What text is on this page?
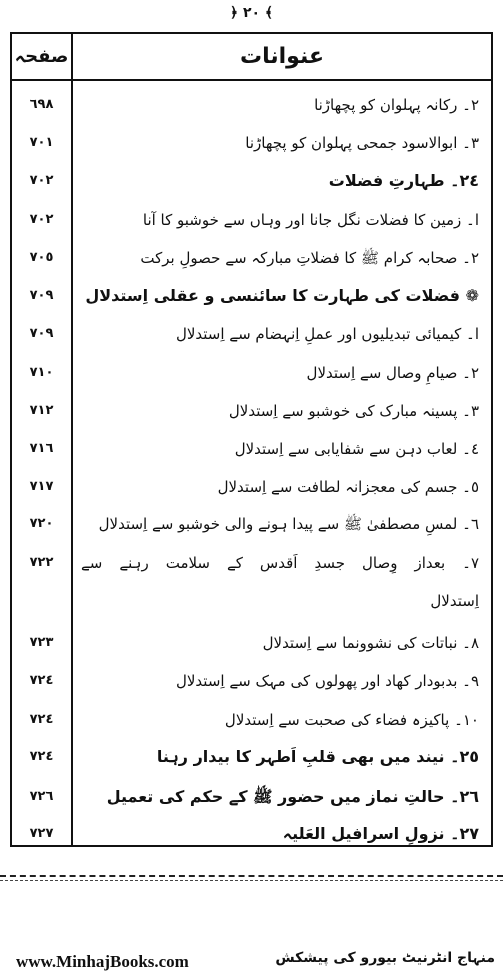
﴿ ٢٠ ﴾
صفحہ	عنوانات
٦٩٨	٢۔ رکانہ پہلوان کو پچھاڑنا
٧٠١	٣۔ ابوالاسود جمحی پہلوان کو پچھاڑنا
٧٠٢	٢٤۔ طہارتِ فضلات
٧٠٢	ا۔ زمین کا فضلات نگل جانا اور وہاں سے خوشبو کا آنا
٧٠٥	٢۔ صحابہ کرام ﷺ کا فضلاتِ مبارکہ سے حصولِ برکت
٧٠٩	❁ فضلات کی طہارت کا سائنسی و عقلی اِستدلال
٧٠٩	ا۔ کیمیائی تبدیلیوں اور عملِ اِنہضام سے اِستدلال
٧١٠	٢۔ صیامِ وصال سے اِستدلال
٧١٢	٣۔ پسینہ مبارک کی خوشبو سے اِستدلال
٧١٦	٤۔ لعاب دہن سے شفایابی سے اِستدلال
٧١٧	٥۔ جسم کی معجزانہ لطافت سے اِستدلال
٧٢٠	٦۔ لمسِ مصطفیٰ ﷺ سے پیدا ہونے والی خوشبو سے اِستدلال
٧٢٢	٧۔ بعداز وِصال جسدِ اَقدس کے سلامت رہنے سے
اِستدلال
٧٢٣	٨۔ نباتات کی نشوونما سے اِستدلال
٧٢٤	٩۔ بدبودار کھاد اور پھولوں کی مہک سے اِستدلال
٧٢٤	١٠۔ پاکیزہ فضاء کی صحبت سے اِستدلال
٧٢٤	٢٥۔ نیند میں بھی قلبِ اَطہر کا بیدار رہنا
٧٢٦	٢٦۔ حالتِ نماز میں حضور ﷺ کے حکم کی تعمیل
٧٢٧	٢٧۔ نزولِ اسرافیل العَلیہ
www.MinhajBooks.com	منہاج انٹرنیٹ بیورو کی پیشکش
